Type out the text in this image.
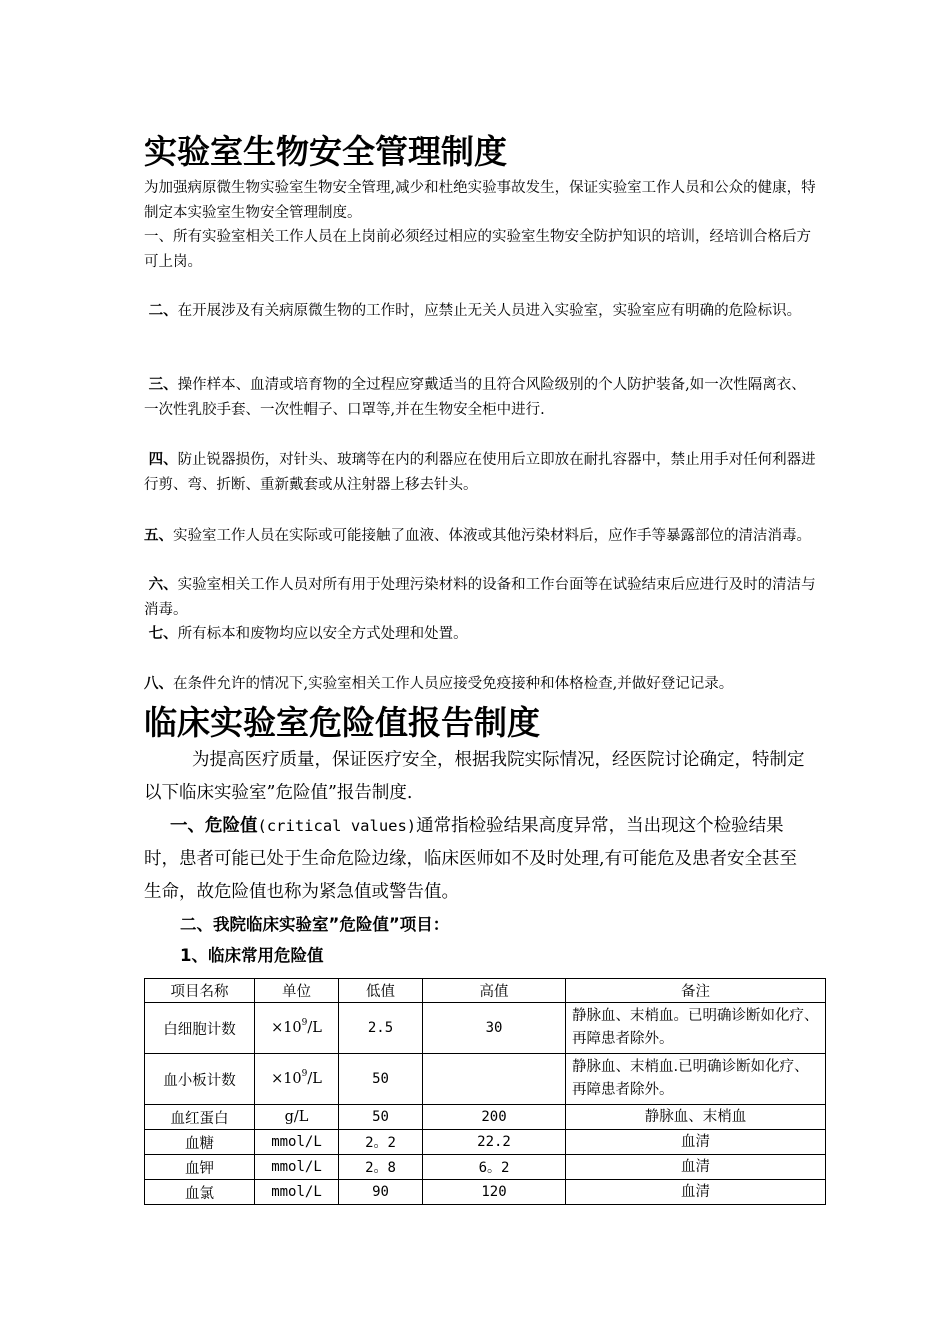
实验室生物安全管理制度

为加强病原微生物实验室生物安全管理,减少和杜绝实验事故发生，保证实验室工作人员和公众的健康，特制定本实验室生物安全管理制度。

一、所有实验室相关工作人员在上岗前必须经过相应的实验室生物安全防护知识的培训，经培训合格后方可上岗。

二、在开展涉及有关病原微生物的工作时，应禁止无关人员进入实验室，实验室应有明确的危险标识。

三、操作样本、血清或培育物的全过程应穿戴适当的且符合风险级别的个人防护装备,如一次性隔离衣、一次性乳胶手套、一次性帽子、口罩等,并在生物安全柜中进行.

四、防止锐器损伤，对针头、玻璃等在内的利器应在使用后立即放在耐扎容器中，禁止用手对任何利器进行剪、弯、折断、重新戴套或从注射器上移去针头。

五、实验室工作人员在实际或可能接触了血液、体液或其他污染材料后，应作手等暴露部位的清洁消毒。

六、实验室相关工作人员对所有用于处理污染材料的设备和工作台面等在试验结束后应进行及时的清洁与消毒。

七、所有标本和废物均应以安全方式处理和处置。

八、在条件允许的情况下,实验室相关工作人员应接受免疫接种和体格检查,并做好登记记录。

临床实验室危险值报告制度

为提高医疗质量，保证医疗安全，根据我院实际情况，经医院讨论确定，特制定以下临床实验室”危险值”报告制度.

一、危险值(critical values)通常指检验结果高度异常，当出现这个检验结果时，患者可能已处于生命危险边缘，临床医师如不及时处理,有可能危及患者安全甚至生命，故危险值也称为紧急值或警告值。

二、我院临床实验室”危险值”项目：

1、临床常用危险值

项目名称	单位	低值	高值	备注
白细胞计数	$\times 10^9/L$	2.5	30	静脉血、末梢血。已明确诊断如化疗、再障患者除外。
血小板计数	$\times 10^9/L$	50		静脉血、末梢血.已明确诊断如化疗、再障患者除外。
血红蛋白	g/L	50	200	静脉血、末梢血
血糖	mmol/L	2。2	22.2	血清
血钾	mmol/L	2。8	6。2	血清
血氯	mmol/L	90	120	血清
